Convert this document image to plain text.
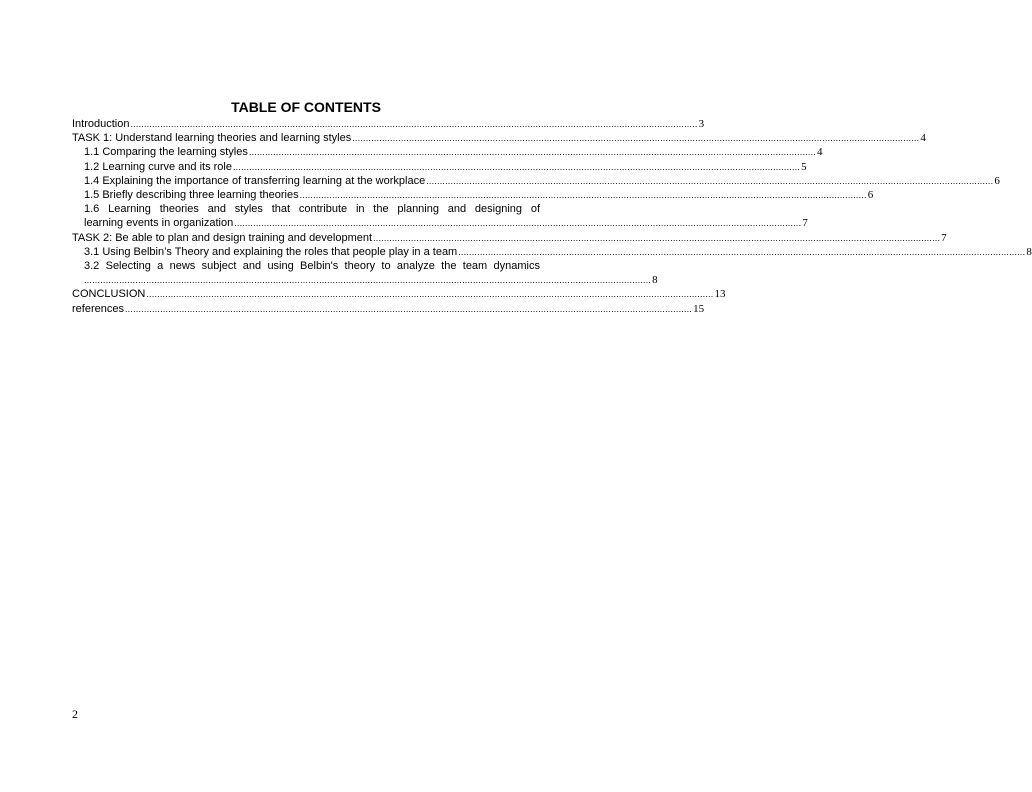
TABLE OF CONTENTS
Introduction .................................................................................................................................................................................................................. 3
TASK 1: Understand learning theories and learning styles .................................................................................................................................................................................................................. 4
1.1 Comparing the learning styles .................................................................................................................................................................................................................. 4
1.2 Learning curve and its role .................................................................................................................................................................................................................. 5
1.4 Explaining the importance of transferring learning at the workplace .................................................................................................................................................................................................................. 6
1.5 Briefly describing three learning theories .................................................................................................................................................................................................................. 6
1.6 Learning theories and styles that contribute in the planning and designing of
learning events in organization .................................................................................................................................................................................................................. 7
TASK 2: Be able to plan and design training and development .................................................................................................................................................................................................................. 7
3.1 Using Belbin’s Theory and explaining the roles that people play in a team .................................................................................................................................................................................................................. 8
3.2 Selecting a news subject and using Belbin's theory to analyze the team dynamics
.................................................................................................................................................................................................................. 8
CONCLUSION .................................................................................................................................................................................................................. 13
references .................................................................................................................................................................................................................. 15
2
